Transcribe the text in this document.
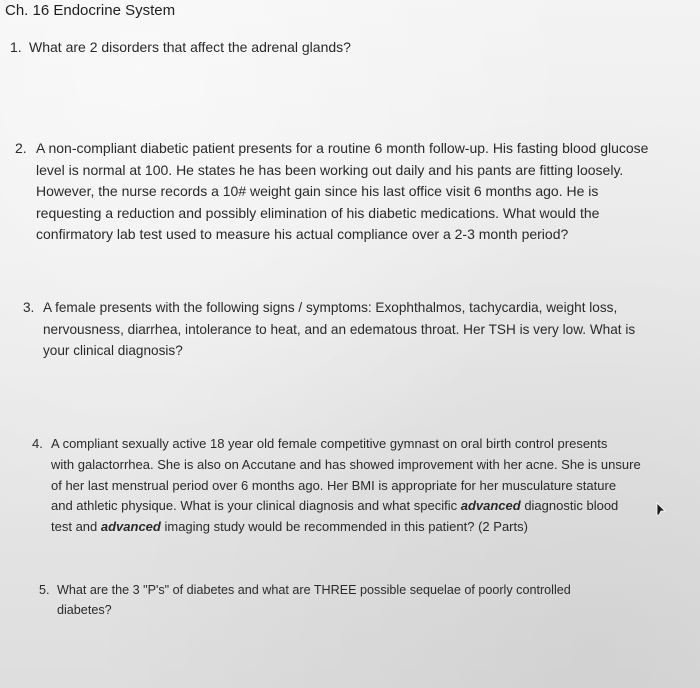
Ch. 16 Endocrine System
1. What are 2 disorders that affect the adrenal glands?
2. A non-compliant diabetic patient presents for a routine 6 month follow-up. His fasting blood glucose
level is normal at 100. He states he has been working out daily and his pants are fitting loosely.
However, the nurse records a 10# weight gain since his last office visit 6 months ago. He is
requesting a reduction and possibly elimination of his diabetic medications. What would the
confirmatory lab test used to measure his actual compliance over a 2-3 month period?
3. A female presents with the following signs / symptoms: Exophthalmos, tachycardia, weight loss,
nervousness, diarrhea, intolerance to heat, and an edematous throat. Her TSH is very low. What is
your clinical diagnosis?
4. A compliant sexually active 18 year old female competitive gymnast on oral birth control presents
with galactorrhea. She is also on Accutane and has showed improvement with her acne. She is unsure
of her last menstrual period over 6 months ago. Her BMI is appropriate for her musculature stature
and athletic physique. What is your clinical diagnosis and what specific advanced diagnostic blood
test and advanced imaging study would be recommended in this patient? (2 Parts)
5. What are the 3 "P's" of diabetes and what are THREE possible sequelae of poorly controlled
diabetes?
